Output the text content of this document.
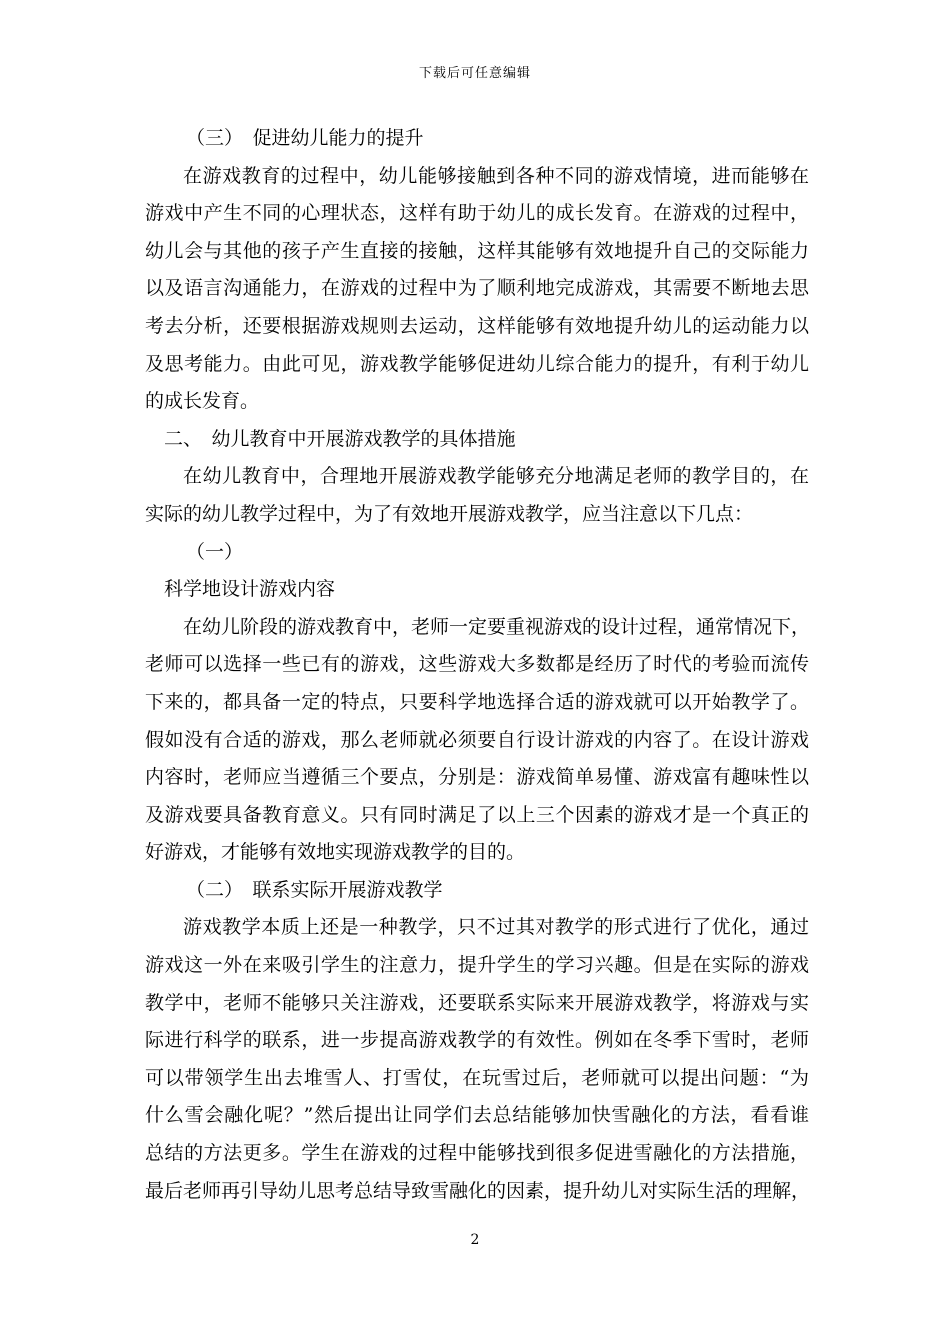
下载后可任意编辑
（三）　促进幼儿能力的提升
在游戏教育的过程中，幼儿能够接触到各种不同的游戏情境，进而能够在
游戏中产生不同的心理状态，这样有助于幼儿的成长发育。在游戏的过程中，
幼儿会与其他的孩子产生直接的接触，这样其能够有效地提升自己的交际能力
以及语言沟通能力，在游戏的过程中为了顺利地完成游戏，其需要不断地去思
考去分析，还要根据游戏规则去运动，这样能够有效地提升幼儿的运动能力以
及思考能力。由此可见，游戏教学能够促进幼儿综合能力的提升，有利于幼儿
的成长发育。
二、　幼儿教育中开展游戏教学的具体措施
在幼儿教育中，合理地开展游戏教学能够充分地满足老师的教学目的，在
实际的幼儿教学过程中，为了有效地开展游戏教学，应当注意以下几点：
（一）
科学地设计游戏内容
在幼儿阶段的游戏教育中，老师一定要重视游戏的设计过程，通常情况下，
老师可以选择一些已有的游戏，这些游戏大多数都是经历了时代的考验而流传
下来的，都具备一定的特点，只要科学地选择合适的游戏就可以开始教学了。
假如没有合适的游戏，那么老师就必须要自行设计游戏的内容了。在设计游戏
内容时，老师应当遵循三个要点，分别是：游戏简单易懂、游戏富有趣味性以
及游戏要具备教育意义。只有同时满足了以上三个因素的游戏才是一个真正的
好游戏，才能够有效地实现游戏教学的目的。
（二）　联系实际开展游戏教学
游戏教学本质上还是一种教学，只不过其对教学的形式进行了优化，通过
游戏这一外在来吸引学生的注意力，提升学生的学习兴趣。但是在实际的游戏
教学中，老师不能够只关注游戏，还要联系实际来开展游戏教学，将游戏与实
际进行科学的联系，进一步提高游戏教学的有效性。例如在冬季下雪时，老师
可以带领学生出去堆雪人、打雪仗，在玩雪过后，老师就可以提出问题：“为
什么雪会融化呢？”然后提出让同学们去总结能够加快雪融化的方法，看看谁
总结的方法更多。学生在游戏的过程中能够找到很多促进雪融化的方法措施，
最后老师再引导幼儿思考总结导致雪融化的因素，提升幼儿对实际生活的理解，
2
